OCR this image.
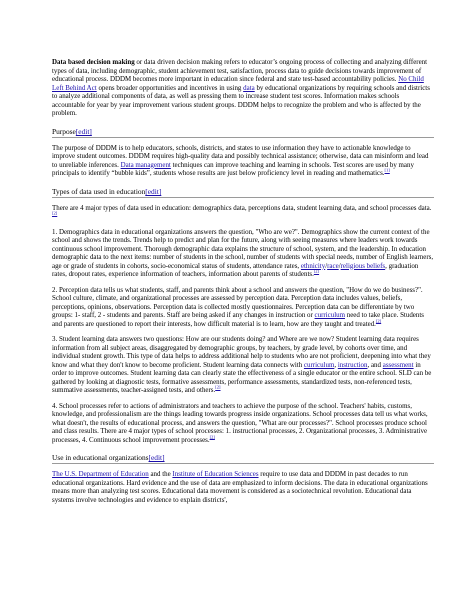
Data based decision making or data driven decision making refers to educator’s ongoing process of collecting and analyzing different types of data, including demographic, student achievement test, satisfaction, process data to guide decisions towards improvement of educational process. DDDM becomes more important in education since federal and state test-based accountability policies. No Child Left Behind Act opens broader opportunities and incentives in using data by educational organizations by requiring schools and districts to analyze additional components of data, as well as pressing them to increase student test scores. Information makes schools accountable for year by year improvement various student groups. DDDM helps to recognize the problem and who is affected by the problem.

Purpose[edit]

The purpose of DDDM is to help educators, schools, districts, and states to use information they have to actionable knowledge to improve student outcomes. DDDM requires high-quality data and possibly technical assistance; otherwise, data can misinform and lead to unreliable inferences. Data management techniques can improve teaching and learning in schools. Test scores are used by many principals to identify “bubble kids”, students whose results are just below proficiency level in reading and mathematics.[1]

Types of data used in education[edit]

There are 4 major types of data used in education: demographics data, perceptions data, student learning data, and school processes data.[2]

1. Demographics data in educational organizations answers the question, "Who are we?". Demographics show the current context of the school and shows the trends. Trends help to predict and plan for the future, along with seeing measures where leaders work towards continuous school improvement. Thorough demographic data explains the structure of school, system, and the leadership. In education demographic data to the next items: number of students in the school, number of students with special needs, number of English learners, age or grade of students in cohorts, socio-economical status of students, attendance rates, ethnicity/race/religious beliefs, graduation rates, dropout rates, experience information of teachers, information about parents of students.[2]

2. Perception data tells us what students, staff, and parents think about a school and answers the question, "How do we do business?". School culture, climate, and organizational processes are assessed by perception data. Perception data includes values, beliefs, perceptions, opinions, observations. Perception data is collected mostly questionnaires. Perception data can be differentiate by two groups: 1- staff, 2 - students and parents. Staff are being asked if any changes in instruction or curriculum need to take place. Students and parents are questioned to report their interests, how difficult material is to learn, how are they taught and treated.[2]

3. Student learning data answers two questions: How are our students doing? and Where are we now? Student learning data requires information from all subject areas, disaggregated by demographic groups, by teachers, by grade level, by cohorts over time, and individual student growth. This type of data helps to address additional help to students who are not proficient, deepening into what they know and what they don't know to become proficient. Student learning data connects with curriculum, instruction, and assessment in order to improve outcomes. Student learning data can clearly state the effectiveness of a single educator or the entire school. SLD can be gathered by looking at diagnostic tests, formative assessments, performance assessments, standardized tests, non-referenced tests, summative assessments, teacher-assigned tests, and others.[2]

4. School processes refer to actions of administrators and teachers to achieve the purpose of the school. Teachers' habits, customs, knowledge, and professionalism are the things leading towards progress inside organizations. School processes data tell us what works, what doesn't, the results of educational process, and answers the question, "What are our processes?". School processes produce school and class results. There are 4 major types of school processes: 1. instructional processes, 2. Organizational processes, 3. Administrative processes, 4. Continuous school improvement processes.[2]

Use in educational organizations[edit]

The U.S. Department of Education and the Institute of Education Sciences require to use data and DDDM in past decades to run educational organizations. Hard evidence and the use of data are emphasized to inform decisions. The data in educational organizations means more than analyzing test scores. Educational data movement is considered as a sociotechnical revolution. Educational data systems involve technologies and evidence to explain districts',
